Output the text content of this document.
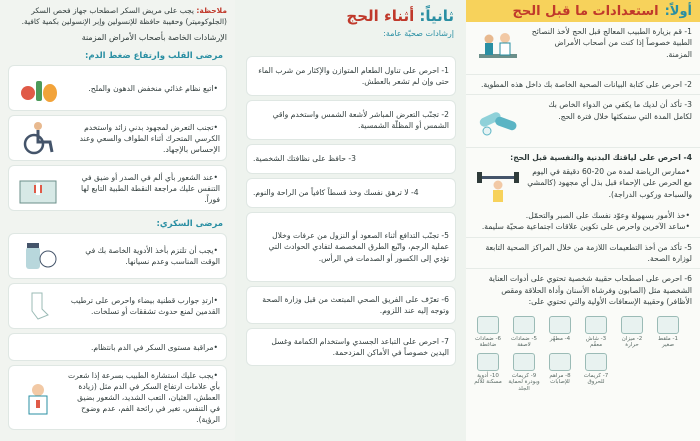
أولاً:
استعدادات ما قبل الحج
1- قم بزيارة الطبيب المعالج قبل الحج لأخذ النصائح الطبية خصوصاً إذا كنت من أصحاب الأمراض المزمنة.
2- احرص على كتابة البيانات الصحية الخاصة بك داخل هذه المطوية.
3- تأكد أن لديك ما يكفي من الدواء الخاص بك لكامل المدة التي ستمكثها خلال فترة الحج.
4- احرص على لياقتك البدنية والنفسية قبل الحج:
•ممارس الرياضة لمدة من 20-60 دقيقة في اليوم مع الحرص على الإحماء قبل بذل أي مجهود (كالمشي والسباحة وركوب الدراجة).
•خذ الأمور بسهولة وعوّد نفسك على الصبر والتحمّل.
•ساعد الآخرين واحرص على تكوين علاقات اجتماعية صحيّة سليمة.
5- تأكد من أخذ التطعيمات اللازمة من خلال المراكز الصحية التابعة لوزارة الصحة.
6- احرص على اصطحاب حقيبة شخصية تحتوي على أدوات العناية الشخصية مثل (الصابون وفرشاة الأسنان وأداة الحلاقة ومقص الأظافر) وحقيبة الإسعافات الأولية والتي تحتوي على:
1- ملقط صغير
2- ميزان حرارة
3- شاش معقّم
4- مطهّر
5- ضمادات لاصقة
6- ضمادات ضاغطة
7- كريمات للحروق
8- مراهم للإصابات
9- كريمات وبودرة لحماية الجلد
10- أدوية مسكنة للألم
ثانياً: أثناء الحج
إرشادات صحيّة عامة:
1- احرص على تناول الطعام المتوازن والإكثار من شرب الماء حتى وإن لم تشعر بالعطش.
2- تجنّب التعرض المباشر لأشعة الشمس واستخدم واقي الشمس أو المظلّة الشمسية.
3- حافظ على نظافتك الشخصية.
4- لا ترهق نفسك وخذ قسطاً كافياً من الراحة والنوم.
5- تجنّب التدافع أثناء الصعود أو النزول من عرفات وخلال عملية الرجم، واتّبع الطرق المخصصة لتفادي الحوادث التي تؤدي إلى الكسور أو الصدمات في الرأس.
6- تعرّف على الفريق الصحي المبتعث من قبل وزارة الصحة وتوجه إليه عند اللزوم.
7- احرص على التباعد الجسدي واستخدام الكمامة وغسل اليدين خصوصاً في الأماكن المزدحمة.
ملاحظة: يجب على مريض السكر اصطحاب جهاز فحص السكر (الجلوكوميتر) وحقيبة حافظة للإنسولين وإبر الإنسولين بكمية كافية.
الإرشادات الخاصة بأصحاب الأمراض المزمنة
مرضى القلب وارتفاع ضغط الدم:
•اتبع نظام غذائي منخفض الدهون والملح.
•تجنب التعرض لمجهود بدني زائد واستخدم الكرسي المتحرك أثناء الطواف والسعي وعند الإحساس بالإجهاد.
•عند الشعور بأي ألم في الصدر أو ضيق في التنفس عليك مراجعة النقطة الطبية التابع لها فوراً.
مرضى السكري:
•يجب أن تلتزم بأخذ الأدوية الخاصة بك في الوقت المناسب وعدم نسيانها.
•ارتدِ جوارب قطنية بيضاء واحرص على ترطيب القدمين لمنع حدوث تشققات أو تسلخات.
•مراقبة مستوى السكر في الدم بانتظام.
•يجب عليك استشارة الطبيب بسرعة إذا شعرت بأي علامات ارتفاع السكر في الدم مثل (زيادة العطش، الغثيان، التعب الشديد، الشعور بضيق في التنفس، تغير في رائحة الفم، عدم وضوح الرؤية).
